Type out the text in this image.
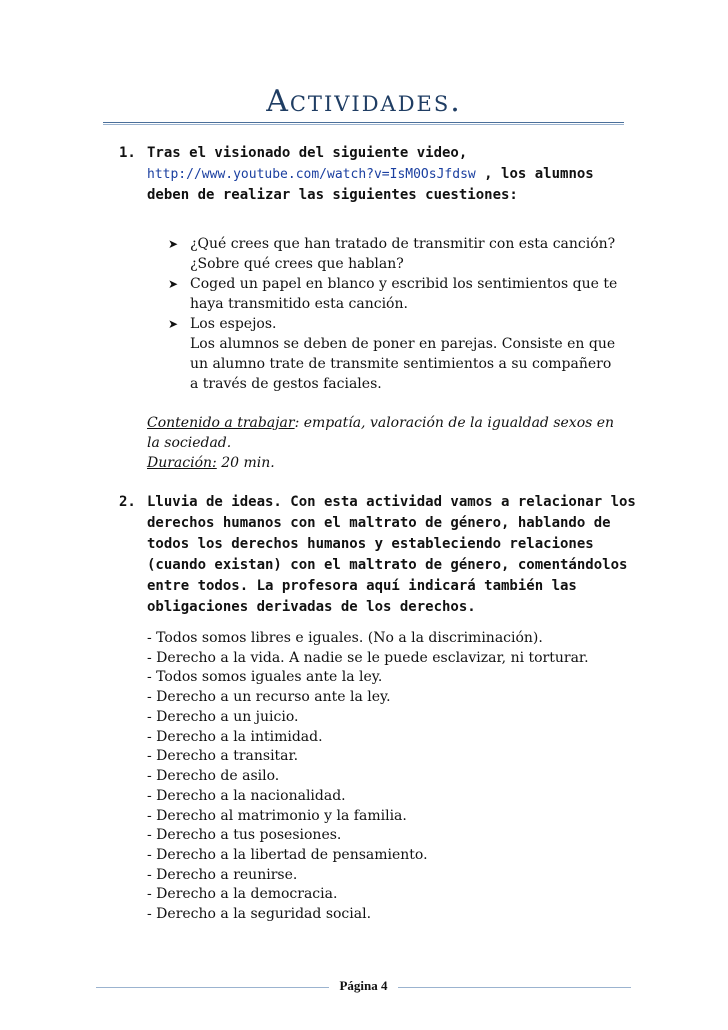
Actividades.
1. Tras el visionado del siguiente video,
http://www.youtube.com/watch?v=IsM0OsJfdsw , los alumnos
deben de realizar las siguientes cuestiones:
➤ ¿Qué crees que han tratado de transmitir con esta canción?
¿Sobre qué crees que hablan?
➤ Coged un papel en blanco y escribid los sentimientos que te
haya transmitido esta canción.
➤ Los espejos.
Los alumnos se deben de poner en parejas. Consiste en que
un alumno trate de transmite sentimientos a su compañero
a través de gestos faciales.
Contenido a trabajar: empatía, valoración de la igualdad sexos en
la sociedad.
Duración: 20 min.
2. Lluvia de ideas. Con esta actividad vamos a relacionar los
derechos humanos con el maltrato de género, hablando de
todos los derechos humanos y estableciendo relaciones
(cuando existan) con el maltrato de género, comentándolos
entre todos. La profesora aquí indicará también las
obligaciones derivadas de los derechos.
- Todos somos libres e iguales. (No a la discriminación).
- Derecho a la vida. A nadie se le puede esclavizar, ni torturar.
- Todos somos iguales ante la ley.
- Derecho a un recurso ante la ley.
- Derecho a un juicio.
- Derecho a la intimidad.
- Derecho a transitar.
- Derecho de asilo.
- Derecho a la nacionalidad.
- Derecho al matrimonio y la familia.
- Derecho a tus posesiones.
- Derecho a la libertad de pensamiento.
- Derecho a reunirse.
- Derecho a la democracia.
- Derecho a la seguridad social.
Página 4
